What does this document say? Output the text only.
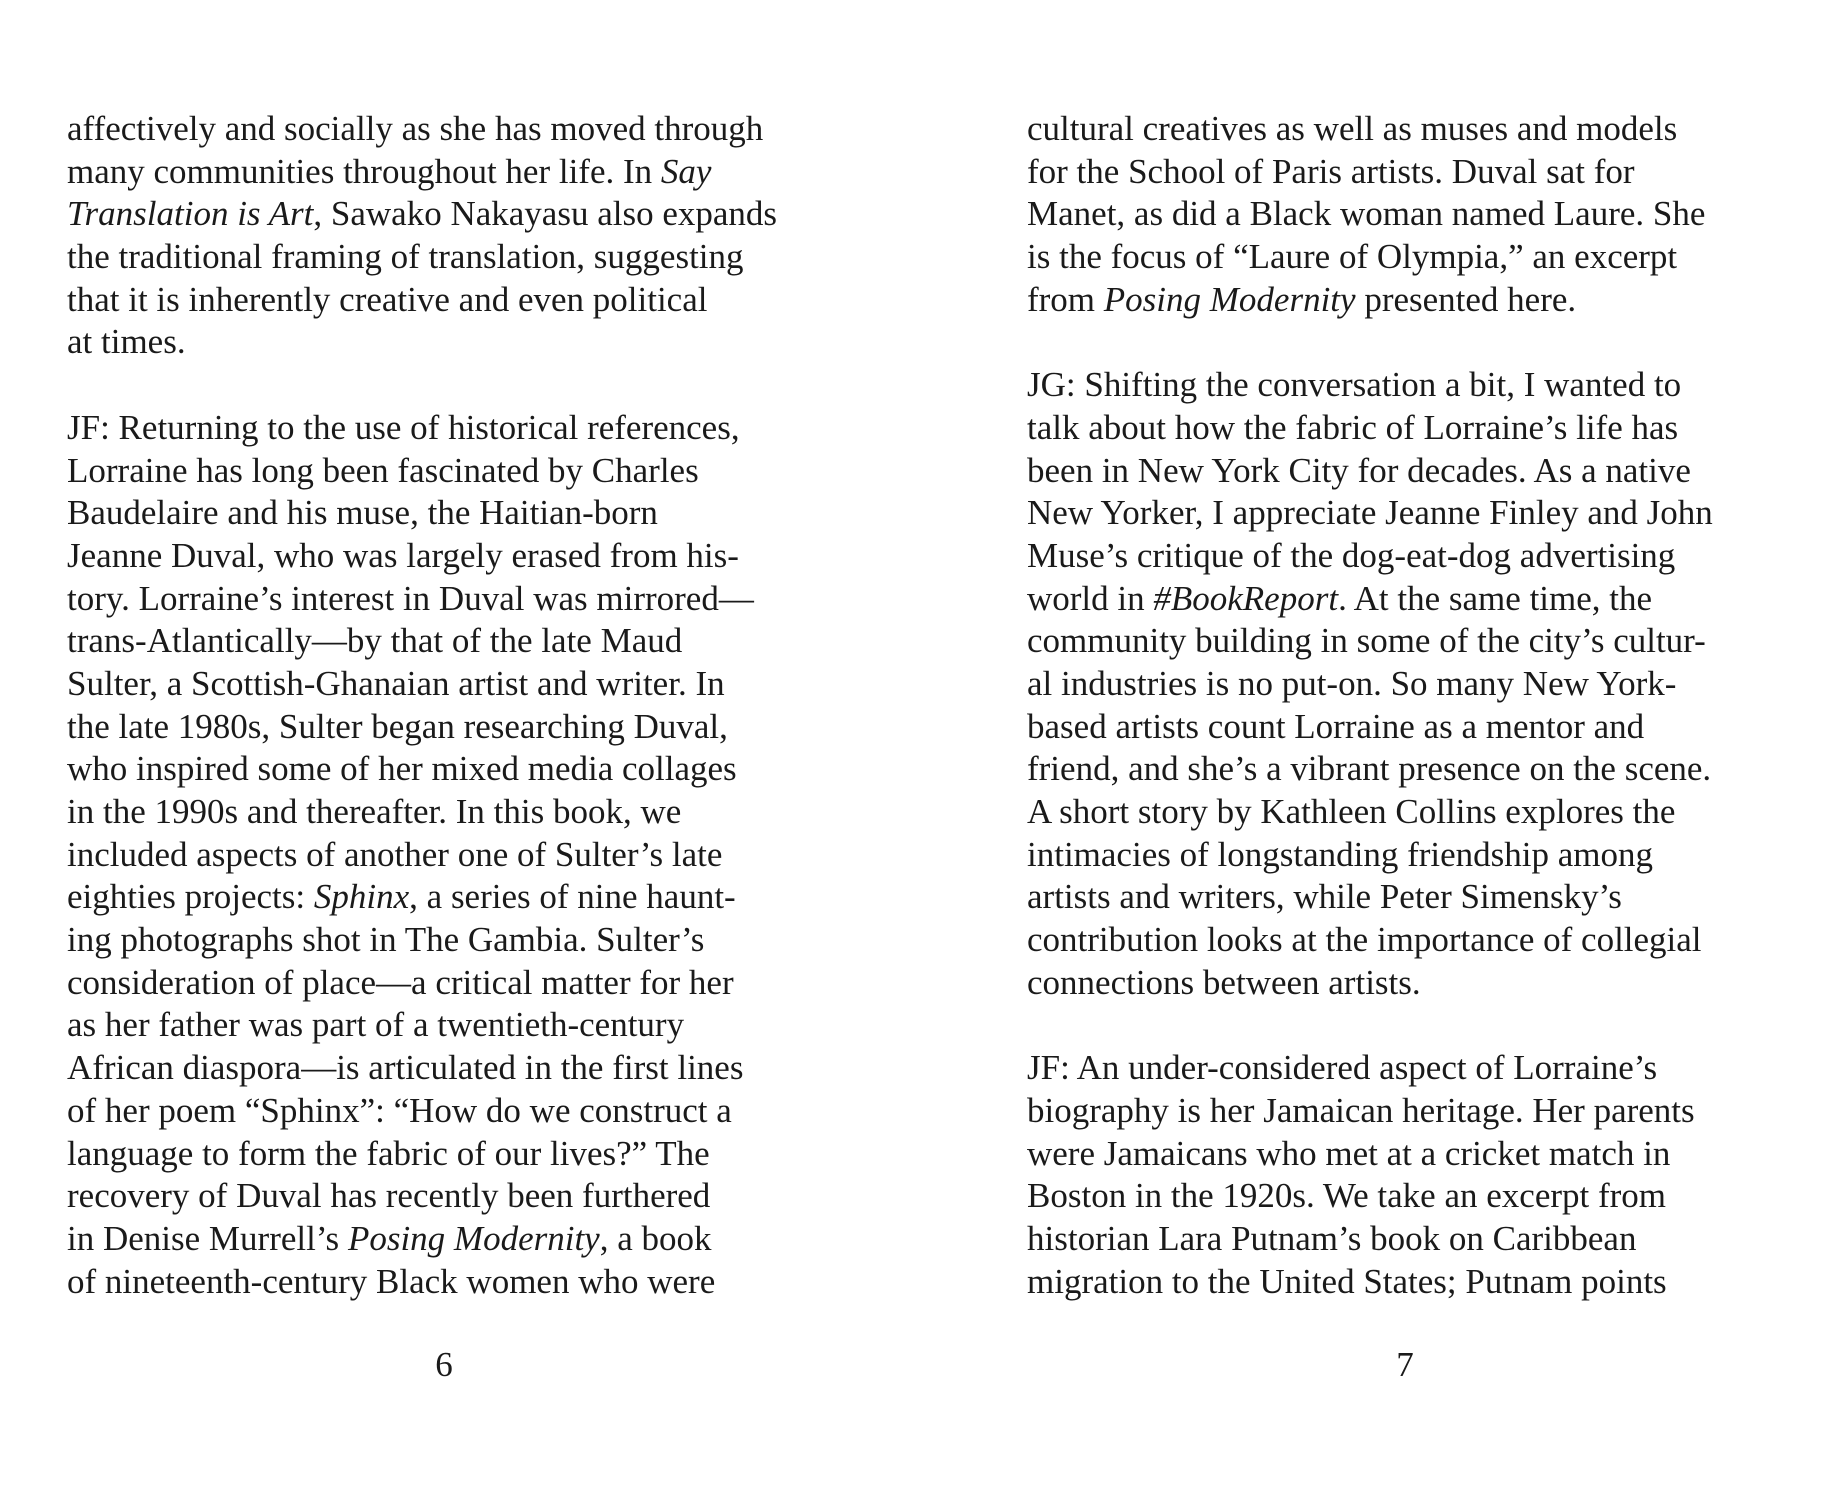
affectively and socially as she has moved through
many communities throughout her life. In Say
Translation is Art, Sawako Nakayasu also expands
the traditional framing of translation, suggesting
that it is inherently creative and even political
at times.
JF: Returning to the use of historical references,
Lorraine has long been fascinated by Charles
Baudelaire and his muse, the Haitian-born
Jeanne Duval, who was largely erased from his-
tory. Lorraine’s interest in Duval was mirrored—
trans-Atlantically—by that of the late Maud
Sulter, a Scottish-Ghanaian artist and writer. In
the late 1980s, Sulter began researching Duval,
who inspired some of her mixed media collages
in the 1990s and thereafter. In this book, we
included aspects of another one of Sulter’s late
eighties projects: Sphinx, a series of nine haunt-
ing photographs shot in The Gambia. Sulter’s
consideration of place—a critical matter for her
as her father was part of a twentieth-century
African diaspora—is articulated in the first lines
of her poem “Sphinx”: “How do we construct a
language to form the fabric of our lives?” The
recovery of Duval has recently been furthered
in Denise Murrell’s Posing Modernity, a book
of nineteenth-century Black women who were
6
cultural creatives as well as muses and models
for the School of Paris artists. Duval sat for
Manet, as did a Black woman named Laure. She
is the focus of “Laure of Olympia,” an excerpt
from Posing Modernity presented here.
JG: Shifting the conversation a bit, I wanted to
talk about how the fabric of Lorraine’s life has
been in New York City for decades. As a native
New Yorker, I appreciate Jeanne Finley and John
Muse’s critique of the dog-eat-dog advertising
world in #BookReport. At the same time, the
community building in some of the city’s cultur-
al industries is no put-on. So many New York-
based artists count Lorraine as a mentor and
friend, and she’s a vibrant presence on the scene.
A short story by Kathleen Collins explores the
intimacies of longstanding friendship among
artists and writers, while Peter Simensky’s
contribution looks at the importance of collegial
connections between artists.
JF: An under-considered aspect of Lorraine’s
biography is her Jamaican heritage. Her parents
were Jamaicans who met at a cricket match in
Boston in the 1920s. We take an excerpt from
historian Lara Putnam’s book on Caribbean
migration to the United States; Putnam points
7
